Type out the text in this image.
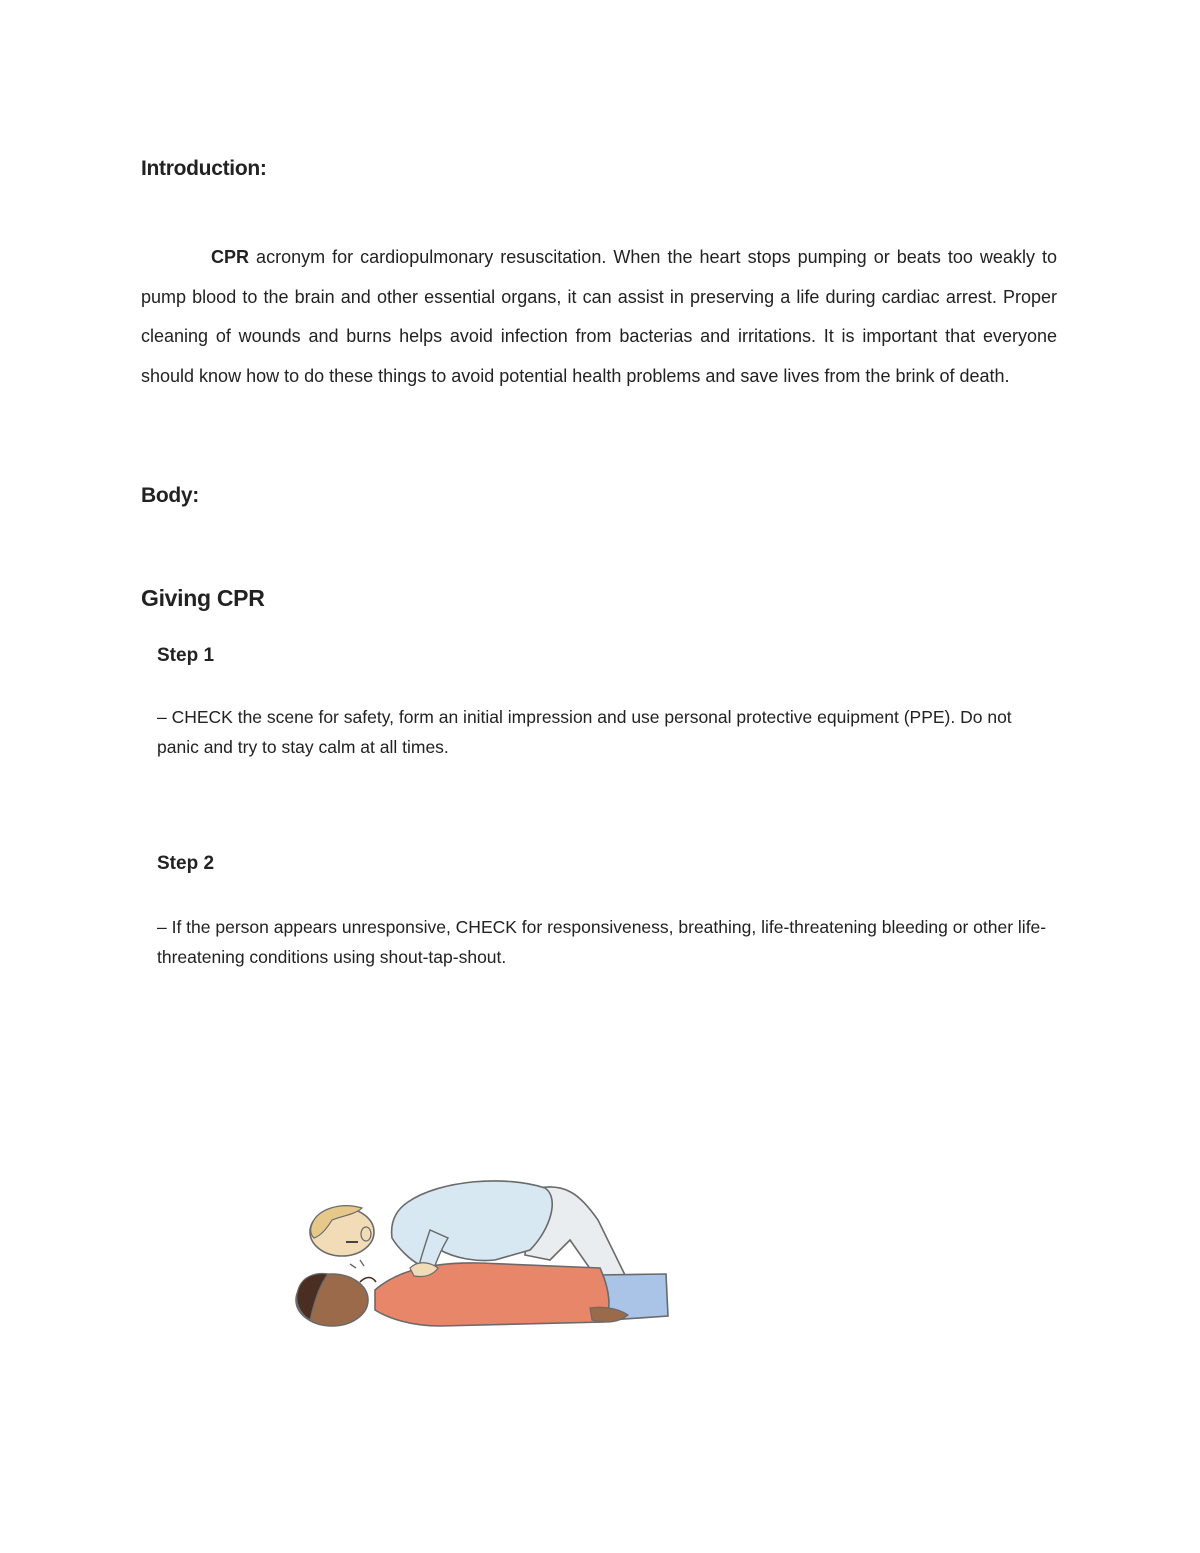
Introduction:

CPR acronym for cardiopulmonary resuscitation. When the heart stops pumping or beats too weakly to pump blood to the brain and other essential organs, it can assist in preserving a life during cardiac arrest. Proper cleaning of wounds and burns helps avoid infection from bacterias and irritations. It is important that everyone should know how to do these things to avoid potential health problems and save lives from the brink of death.

Body:
Giving CPR
Step 1

– CHECK the scene for safety, form an initial impression and use personal protective equipment (PPE). Do not panic and try to stay calm at all times.

Step 2

– If the person appears unresponsive, CHECK for responsiveness, breathing, life-threatening bleeding or other life-threatening conditions using shout-tap-shout.
